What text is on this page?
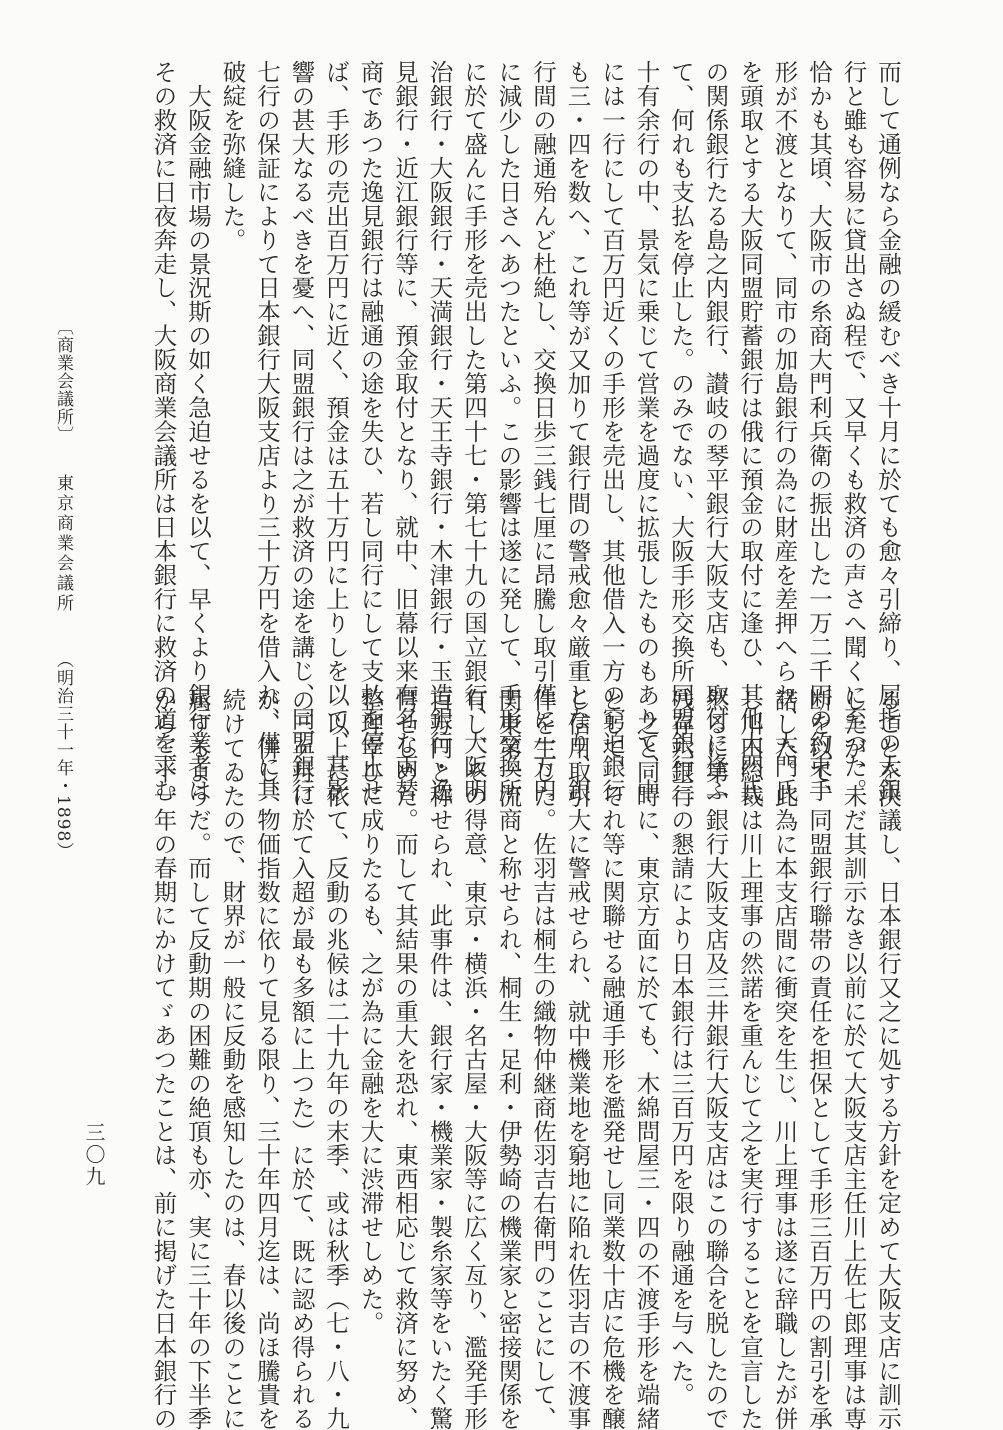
而して通例なら金融の緩むべき十月に於ても愈々引締り、屈指の大銀
行と雖も容易に貸出さぬ程で、又早くも救済の声さへ聞くに至つた。
恰かも其頃、大阪市の糸商大門利兵衛の振出した一万二千円の約束手
形が不渡となりて、同市の加島銀行の為に財産を差押へられ、大門氏
を頭取とする大阪同盟貯蓄銀行は俄に預金の取付に逢ひ、其他大門氏
の関係銀行たる島之内銀行、讃岐の琴平銀行大阪支店も、取付に逢ふ
て、何れも支払を停止した。のみでない、大阪手形交換所同盟銀行三
十有余行の中、景気に乗じて営業を過度に拡張したものもありて、中
には一行にして百万円近くの手形を売出し、其他借入一方の窮迫銀行
も三・四を数へ、これ等が又加りて銀行間の警戒愈々厳重となり、銀
行間の融通殆んど杜絶し、交換日歩三銭七厘に昂騰し取引僅に一万円
に減少した日さへあつたといふ。この影響は遂に発して、手形交換所
に於て盛んに手形を売出した第四十七・第七十九の国立銀行、大阪明
治銀行・大阪銀行・天満銀行・天王寺銀行・木津銀行・玉造銀行・逸
見銀行・近江銀行等に、預金取付となり、就中、旧幕以来有名な両替
商であつた逸見銀行は融通の途を失ひ、若し同行にして支払を停止せ
ば、手形の売出百万円に近く、預金は五十万円に上りしを以て、其影
響の甚大なるべきを憂へ、同盟銀行は之が救済の途を講じ、同盟銀行
七行の保証によりて日本銀行大阪支店より三十万円を借入れ、僅に其
破綻を弥縫した。
　大阪金融市場の景況斯の如く急迫せるを以て、早くより銀行業者は
その救済に日夜奔走し、大阪商業会議所は日本銀行に救済の道を求む
ることを決議し、日本銀行又之に処する方針を定めて大阪支店に訓示
したが、未だ其訓示なき以前に於て大阪支店主任川上佐七郎理事は専
断を以て、同盟銀行聯帯の責任を担保として手形三百万円の割引を承
諾した。此為に本支店間に衝突を生じ、川上理事は遂に辞職したが併
し川田総裁は川上理事の然諾を重んじて之を実行することを宣言した
然るに第一銀行大阪支店及三井銀行大阪支店はこの聯合を脱したので
残存六銀行の懇請により日本銀行は三百万円を限り融通を与へた。
　之と同時に、東京方面に於ても、木綿問屋三・四の不渡手形を端緒
として、それ等に関聯せる融通手形を濫発せし同業数十店に危機を醸
し信用取引大に警戒せられ、就中機業地を窮地に陥れ佐羽吉の不渡事
件を生じた。佐羽吉は桐生の織物仲継商佐羽吉右衛門のことにして、
関東第一流商と称せられ、桐生・足利・伊勢崎の機業家と密接関係を
有し、その得意、東京・横浜・名古屋・大阪等に広く亙り、濫発手形
百万円と称せられ、此事件は、銀行家・機業家・製糸家等をいたく驚
愕せしめた。而して其結果の重大を恐れ、東西相応じて救済に努め、
整理幸ひに成りたるも、之が為に金融を大に渋滞せしめた。
　以上に依て、反動の兆候は二十九年の末季、或は秋季（七・八・九
の三ケ月に於て入超が最も多額に上つた）に於て、既に認め得られる
が、併し、物価指数に依りて見る限り、三十年四月迄は、尚ほ騰貴を
続けてゐたので、財界が一般に反動を感知したのは、春以後のことに
属するようだ。而して反動期の困難の絶頂も亦、実に三十年の下半季
から三十一年の春期にかけてゞあつたことは、前に掲げた日本銀行の
〔商業会議所〕 東京商業会議所 （明治三十一年・1898）
三〇九
